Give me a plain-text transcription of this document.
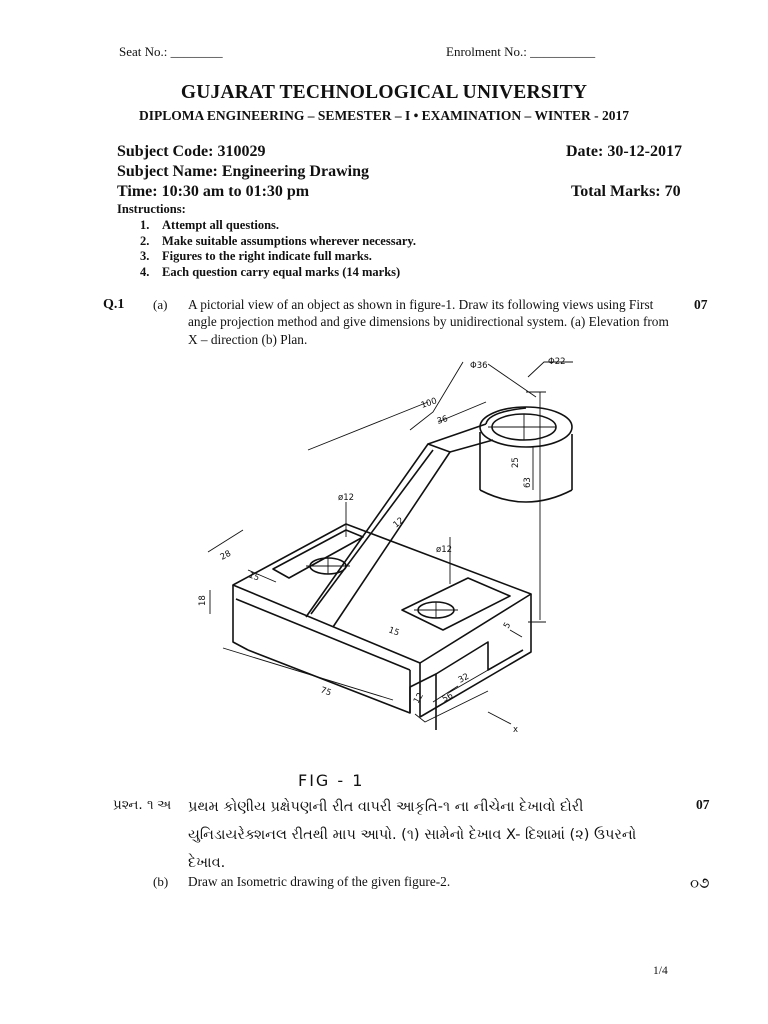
Seat No.: ________	Enrolment No.: __________
GUJARAT TECHNOLOGICAL UNIVERSITY
DIPLOMA ENGINEERING – SEMESTER – I • EXAMINATION – WINTER - 2017
Subject Code: 310029	Date: 30-12-2017
Subject Name: Engineering Drawing
Time: 10:30 am to 01:30 pm	Total Marks: 70
Instructions:
1. Attempt all questions.
2. Make suitable assumptions wherever necessary.
3. Figures to the right indicate full marks.
4. Each question carry equal marks (14 marks)
Q.1 (a) A pictorial view of an object as shown in figure-1. Draw its following views using First angle projection method and give dimensions by unidirectional system. (a) Elevation from X – direction (b) Plan.
07
100
36
Φ36	Φ22
25
63
ø12
12
ø12
28
15
18
15
75	12
32
56
5
x
FIG - 1
પ્રશ્ન. ૧ અ પ્રથમ કોણીય પ્રક્ષેપણની રીત વાપરી આકૃતિ-૧ ના નીચેના દેખાવો દોરી યુનિડાયરેક્શનલ રીતથી માપ આપો. (૧) સામેનો દેખાવ X- દિશામાં (૨) ઉપરનો દેખાવ.
07
(b) Draw an Isometric drawing of the given figure-2.	૦૭
1/4
